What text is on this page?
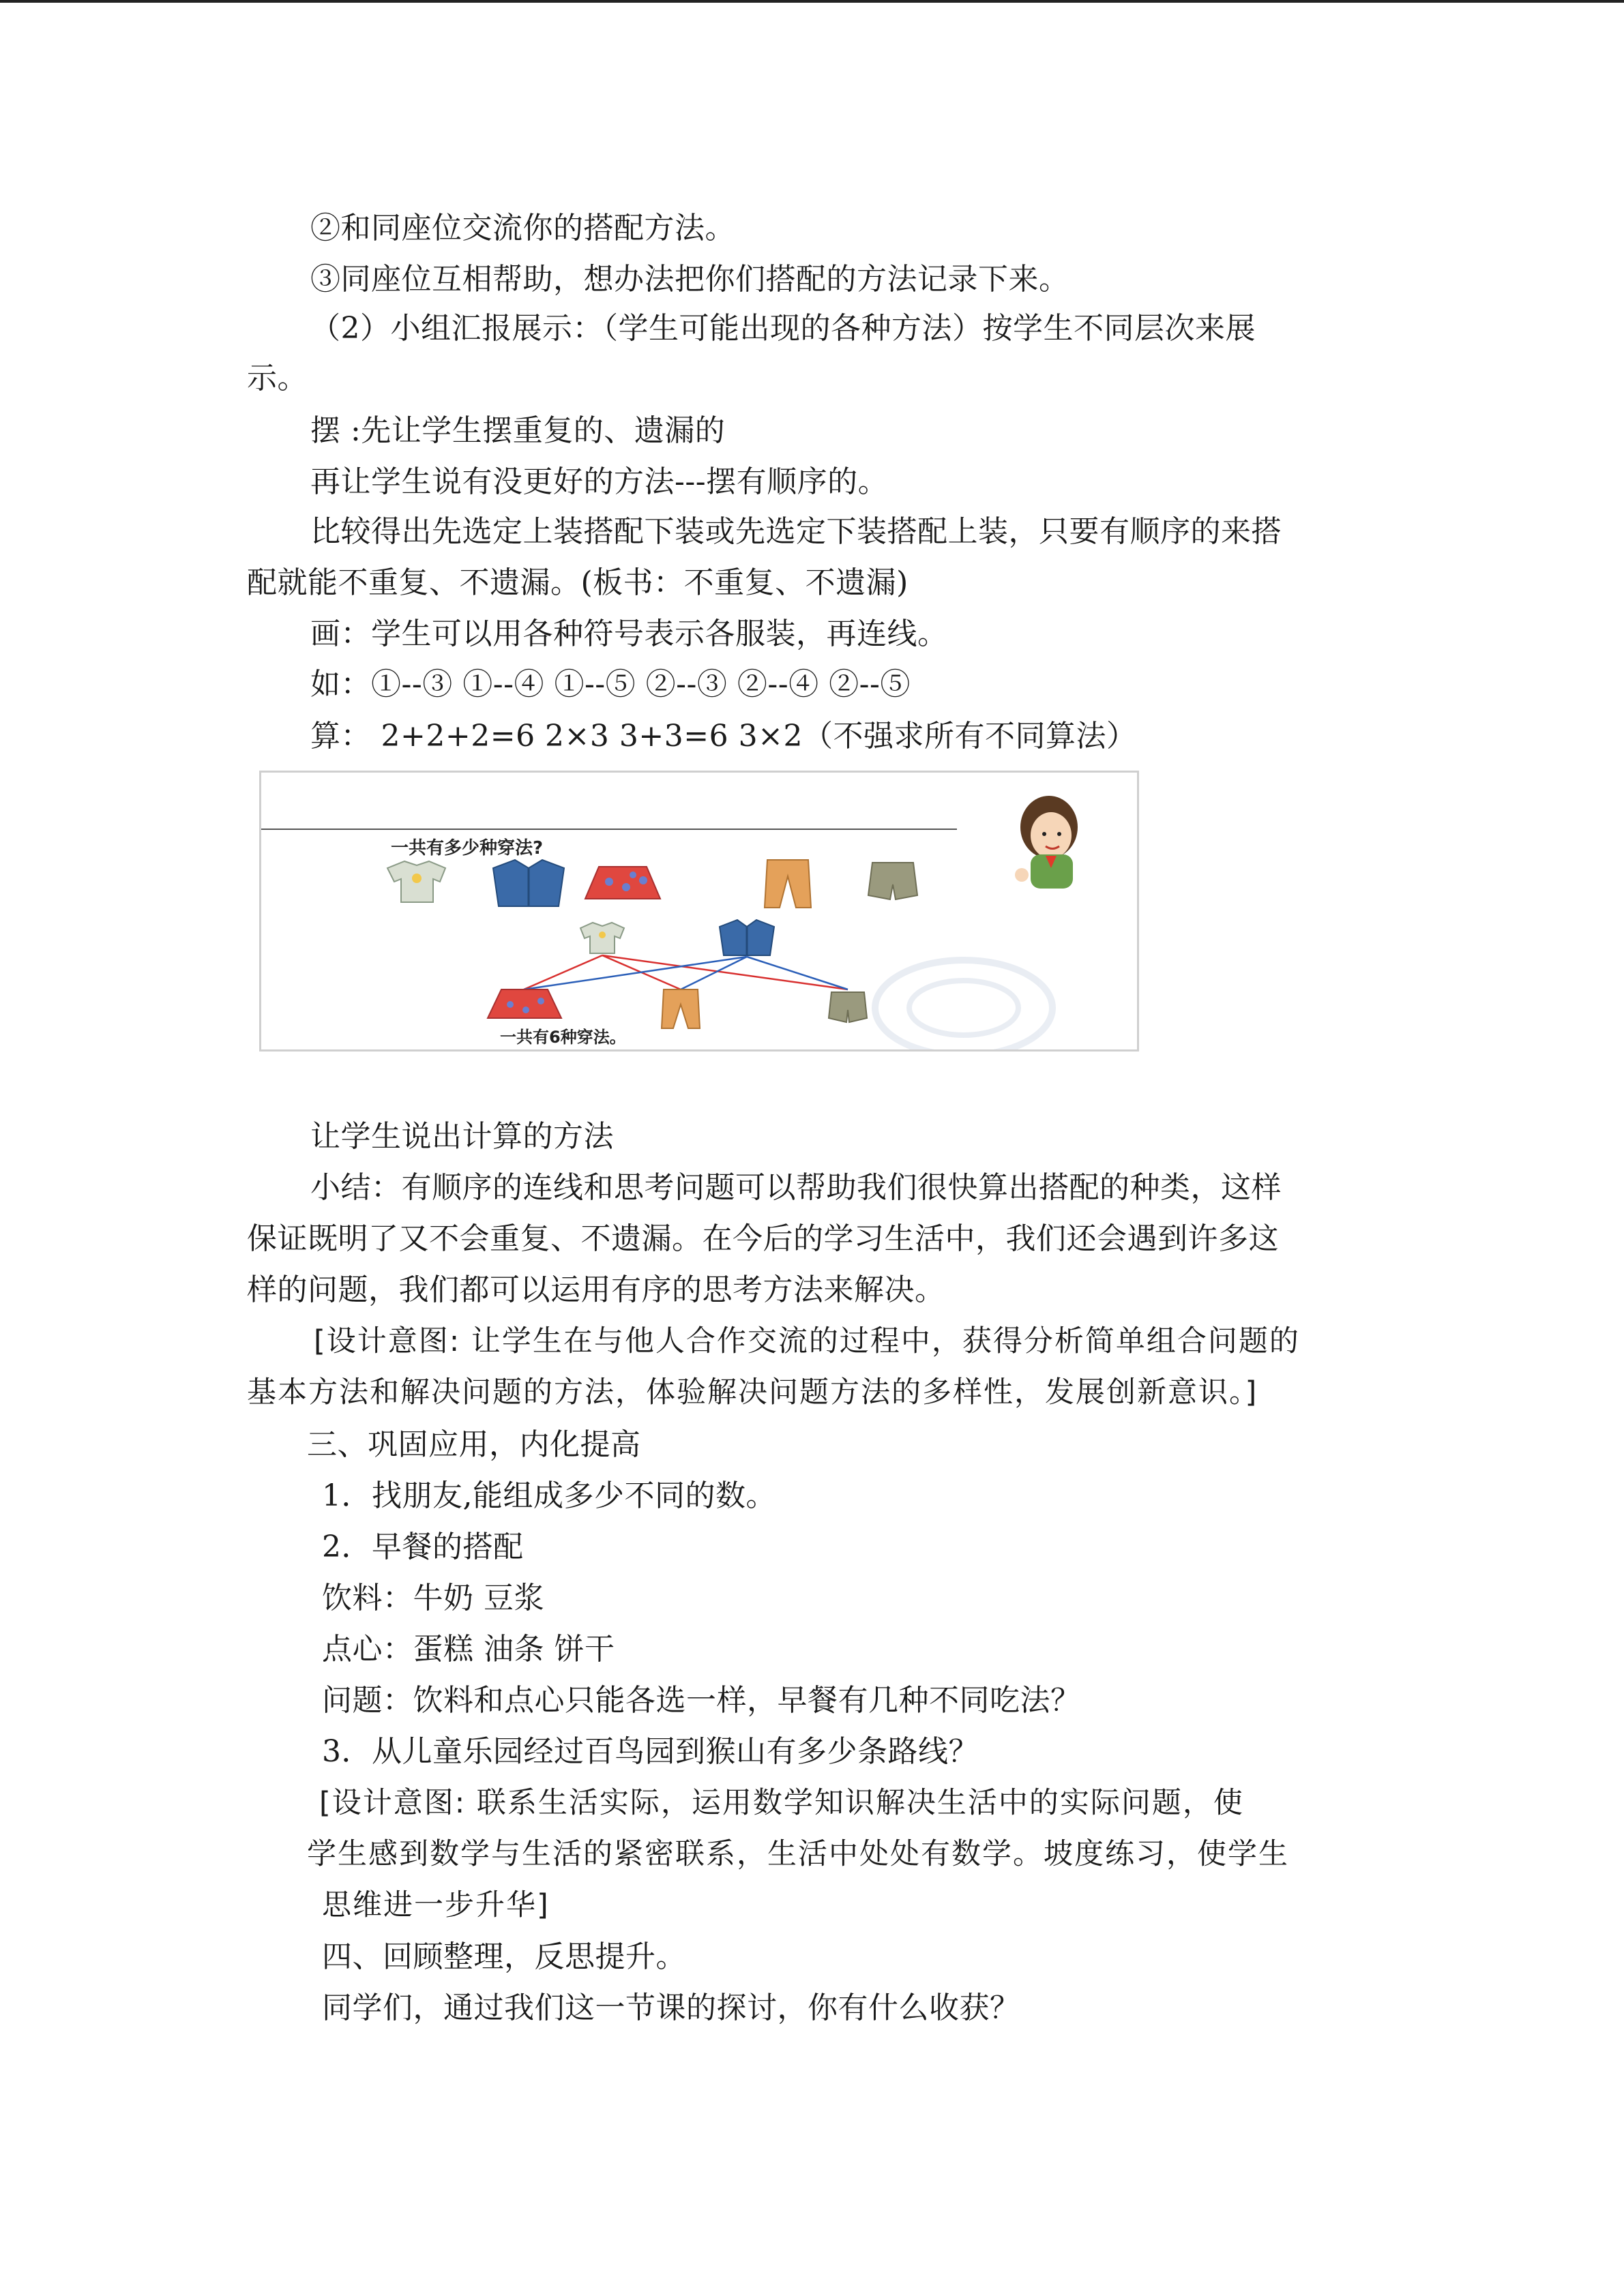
②和同座位交流你的搭配方法。
③同座位互相帮助，想办法把你们搭配的方法记录下来。
（2）小组汇报展示：（学生可能出现的各种方法）按学生不同层次来展
示。
摆 :先让学生摆重复的、遗漏的
再让学生说有没更好的方法---摆有顺序的。
比较得出先选定上装搭配下装或先选定下装搭配上装，只要有顺序的来搭
配就能不重复、不遗漏。(板书：不重复、不遗漏)
画：学生可以用各种符号表示各服装，再连线。
如：①--③ ①--④ ①--⑤ ②--③ ②--④ ②--⑤
算： 2+2+2=6 2×3 3+3=6 3×2（不强求所有不同算法）
一共有多少种穿法?
一共有6种穿法。
让学生说出计算的方法
小结：有顺序的连线和思考问题可以帮助我们很快算出搭配的种类，这样
保证既明了又不会重复、不遗漏。在今后的学习生活中，我们还会遇到许多这
样的问题，我们都可以运用有序的思考方法来解决。
[设计意图: 让学生在与他人合作交流的过程中，获得分析简单组合问题的
基本方法和解决问题的方法，体验解决问题方法的多样性，发展创新意识。]
三、巩固应用，内化提高
1．找朋友,能组成多少不同的数。
2．早餐的搭配
饮料：牛奶 豆浆
点心：蛋糕 油条 饼干
问题：饮料和点心只能各选一样，早餐有几种不同吃法？
3．从儿童乐园经过百鸟园到猴山有多少条路线？
[设计意图: 联系生活实际，运用数学知识解决生活中的实际问题，使
学生感到数学与生活的紧密联系，生活中处处有数学。坡度练习，使学生
思维进一步升华]
四、回顾整理，反思提升。
同学们，通过我们这一节课的探讨，你有什么收获？
